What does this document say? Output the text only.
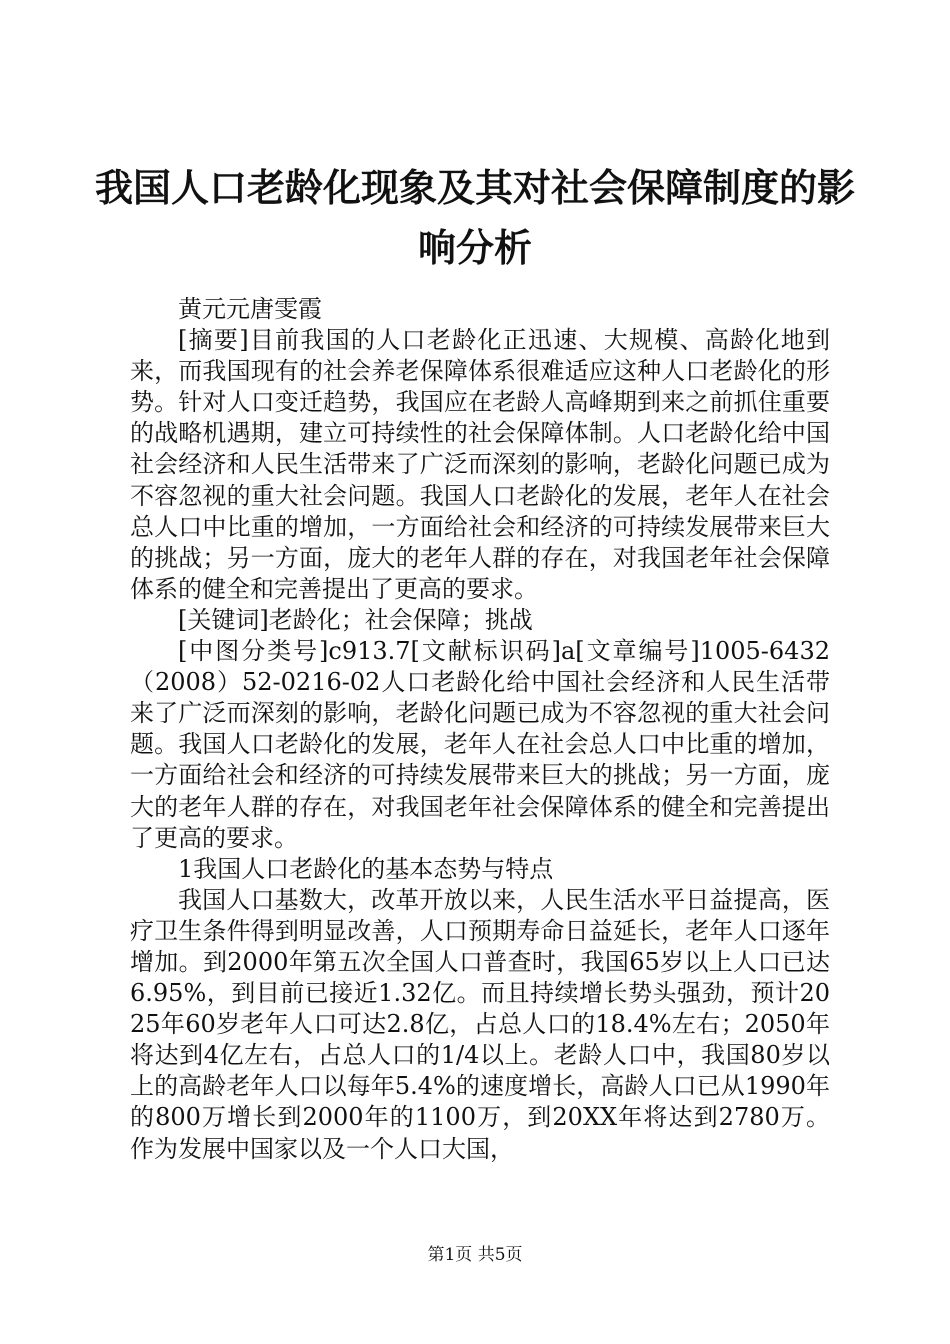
我国人口老龄化现象及其对社会保障制度的影响分析

黄元元唐雯霞

[摘要]目前我国的人口老龄化正迅速、大规模、高龄化地到来，而我国现有的社会养老保障体系很难适应这种人口老龄化的形势。针对人口变迁趋势，我国应在老龄人高峰期到来之前抓住重要的战略机遇期，建立可持续性的社会保障体制。人口老龄化给中国社会经济和人民生活带来了广泛而深刻的影响，老龄化问题已成为不容忽视的重大社会问题。我国人口老龄化的发展，老年人在社会总人口中比重的增加，一方面给社会和经济的可持续发展带来巨大的挑战；另一方面，庞大的老年人群的存在，对我国老年社会保障体系的健全和完善提出了更高的要求。

[关键词]老龄化；社会保障；挑战

[中图分类号]c913.7[文献标识码]a[文章编号]1005-6432（2008）52-0216-02人口老龄化给中国社会经济和人民生活带来了广泛而深刻的影响，老龄化问题已成为不容忽视的重大社会问题。我国人口老龄化的发展，老年人在社会总人口中比重的增加，一方面给社会和经济的可持续发展带来巨大的挑战；另一方面，庞大的老年人群的存在，对我国老年社会保障体系的健全和完善提出了更高的要求。

1我国人口老龄化的基本态势与特点

我国人口基数大，改革开放以来，人民生活水平日益提高，医疗卫生条件得到明显改善，人口预期寿命日益延长，老年人口逐年增加。到2000年第五次全国人口普查时，我国65岁以上人口已达6.95%，到目前已接近1.32亿。而且持续增长势头强劲，预计2025年60岁老年人口可达2.8亿，占总人口的18.4%左右；2050年将达到4亿左右，占总人口的1/4以上。老龄人口中，我国80岁以上的高龄老年人口以每年5.4%的速度增长，高龄人口已从1990年的800万增长到2000年的1100万，到20XX年将达到2780万。作为发展中国家以及一个人口大国，

第1页 共5页
